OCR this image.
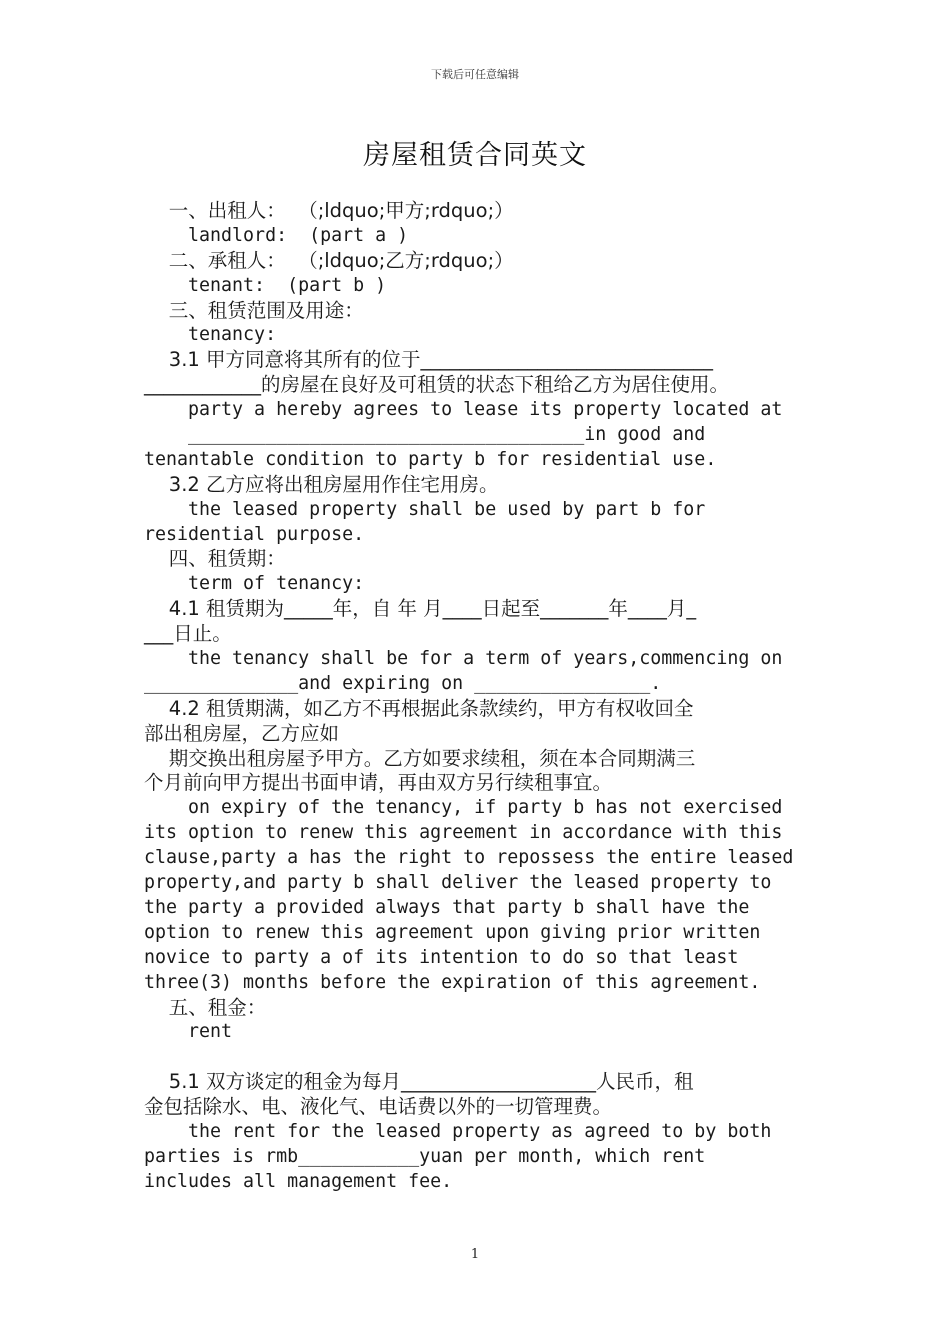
下载后可任意编辑
房屋租赁合同英文
一、出租人：  （;ldquo;甲方;rdquo;）
landlord:  (part a )
二、承租人：  （;ldquo;乙方;rdquo;）
tenant:  (part b )
三、租赁范围及用途：
tenancy:
3.1 甲方同意将其所有的位于______________________________
____________的房屋在良好及可租赁的状态下租给乙方为居住使用。
party a hereby agrees to lease its property located at
____________________________________in good and
tenantable condition to party b for residential use.
3.2 乙方应将出租房屋用作住宅用房。
the leased property shall be used by part b for
residential purpose.
四、租赁期：
term of tenancy:
4.1 租赁期为_____年，自 年 月____日起至_______年____月_
___日止。
the tenancy shall be for a term of years,commencing on
______________and expiring on ________________.
4.2 租赁期满，如乙方不再根据此条款续约，甲方有权收回全
部出租房屋，乙方应如
期交换出租房屋予甲方。乙方如要求续租，须在本合同期满三
个月前向甲方提出书面申请，再由双方另行续租事宜。
on expiry of the tenancy, if party b has not exercised
its option to renew this agreement in accordance with this
clause,party a has the right to repossess the entire leased
property,and party b shall deliver the leased property to
the party a provided always that party b shall have the
option to renew this agreement upon giving prior written
novice to party a of its intention to do so that least
three(3) months before the expiration of this agreement.
五、租金：
rent
5.1 双方谈定的租金为每月____________________人民币，租
金包括除水、电、液化气、电话费以外的一切管理费。
the rent for the leased property as agreed to by both
parties is rmb___________yuan per month, which rent
includes all management fee.
1
